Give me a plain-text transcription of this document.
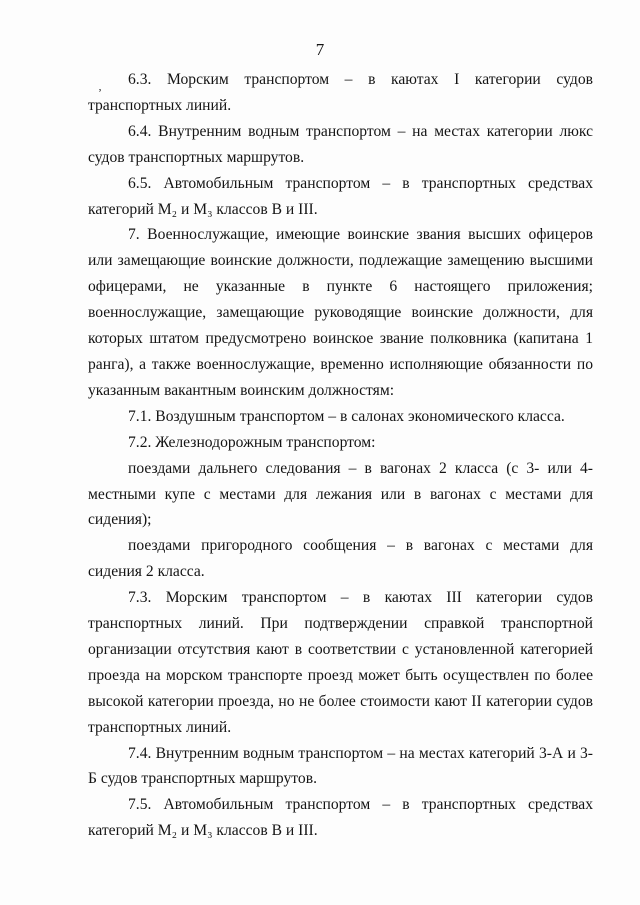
7
‚	6.3. Морским транспортом – в каютах I категории судов транспортных линий.

6.4. Внутренним водным транспортом – на местах категории люкс судов транспортных маршрутов.

6.5. Автомобильным транспортом – в транспортных средствах категорий M₂ и M₃ классов В и III.

7. Военнослужащие, имеющие воинские звания высших офицеров или замещающие воинские должности, подлежащие замещению высшими офицерами, не указанные в пункте 6 настоящего приложения; военнослужащие, замещающие руководящие воинские должности, для которых штатом предусмотрено воинское звание полковника (капитана 1 ранга), а также военнослужащие, временно исполняющие обязанности по указанным вакантным воинским должностям:

7.1. Воздушным транспортом – в салонах экономического класса.

7.2. Железнодорожным транспортом:

поездами дальнего следования – в вагонах 2 класса (с 3- или 4-местными купе с местами для лежания или в вагонах с местами для сидения);

поездами пригородного сообщения – в вагонах с местами для сидения 2 класса.

7.3. Морским транспортом – в каютах III категории судов транспортных линий. При подтверждении справкой транспортной организации отсутствия кают в соответствии с установленной категорией проезда на морском транспорте проезд может быть осуществлен по более высокой категории проезда, но не более стоимости кают II категории судов транспортных линий.

7.4. Внутренним водным транспортом – на местах категорий 3-А и 3-Б судов транспортных маршрутов.

7.5. Автомобильным транспортом – в транспортных средствах категорий M₂ и M₃ классов В и III.
